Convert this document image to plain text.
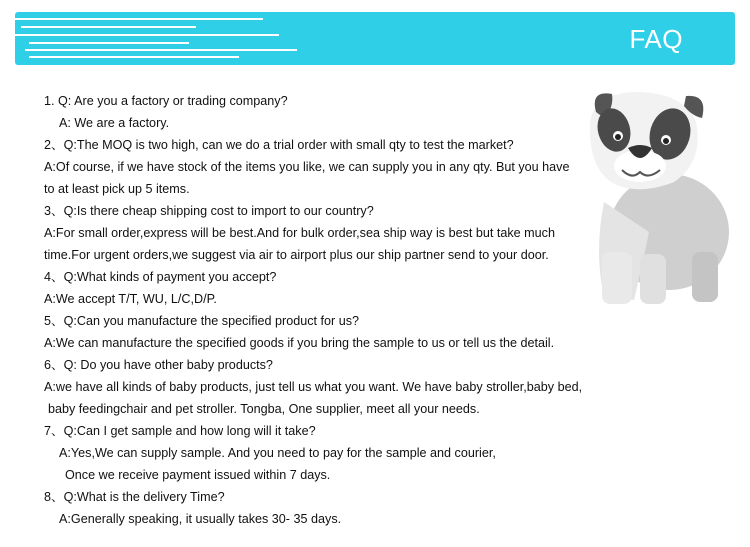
FAQ
1. Q: Are you a factory or trading company?
A: We are a factory.
2、Q:The MOQ is two high, can we do a trial order with small qty to test the market?
A:Of course, if we have stock of the items you like, we can supply you in any qty. But you have
to at least pick up 5 items.
3、Q:Is there cheap shipping cost to import to our country?
A:For small order,express will be best.And for bulk order,sea ship way is best but take much
time.For urgent orders,we suggest via air to airport plus our ship partner send to your door.
4、Q:What kinds of payment you accept?
A:We accept T/T, WU, L/C,D/P.
5、Q:Can you manufacture the specified product for us?
A:We can manufacture the specified goods if you bring the sample to us or tell us the detail.
6、Q: Do you have other baby products?
A:we have all kinds of baby products, just tell us what you want. We have baby stroller,baby bed,
baby feedingchair and pet stroller. Tongba, One supplier, meet all your needs.
7、Q:Can I get sample and how long will it take?
A:Yes,We can supply sample. And you need to pay for the sample and courier,
Once we receive payment issued within 7 days.
8、Q:What is the delivery Time?
A:Generally speaking, it usually takes 30- 35 days.
